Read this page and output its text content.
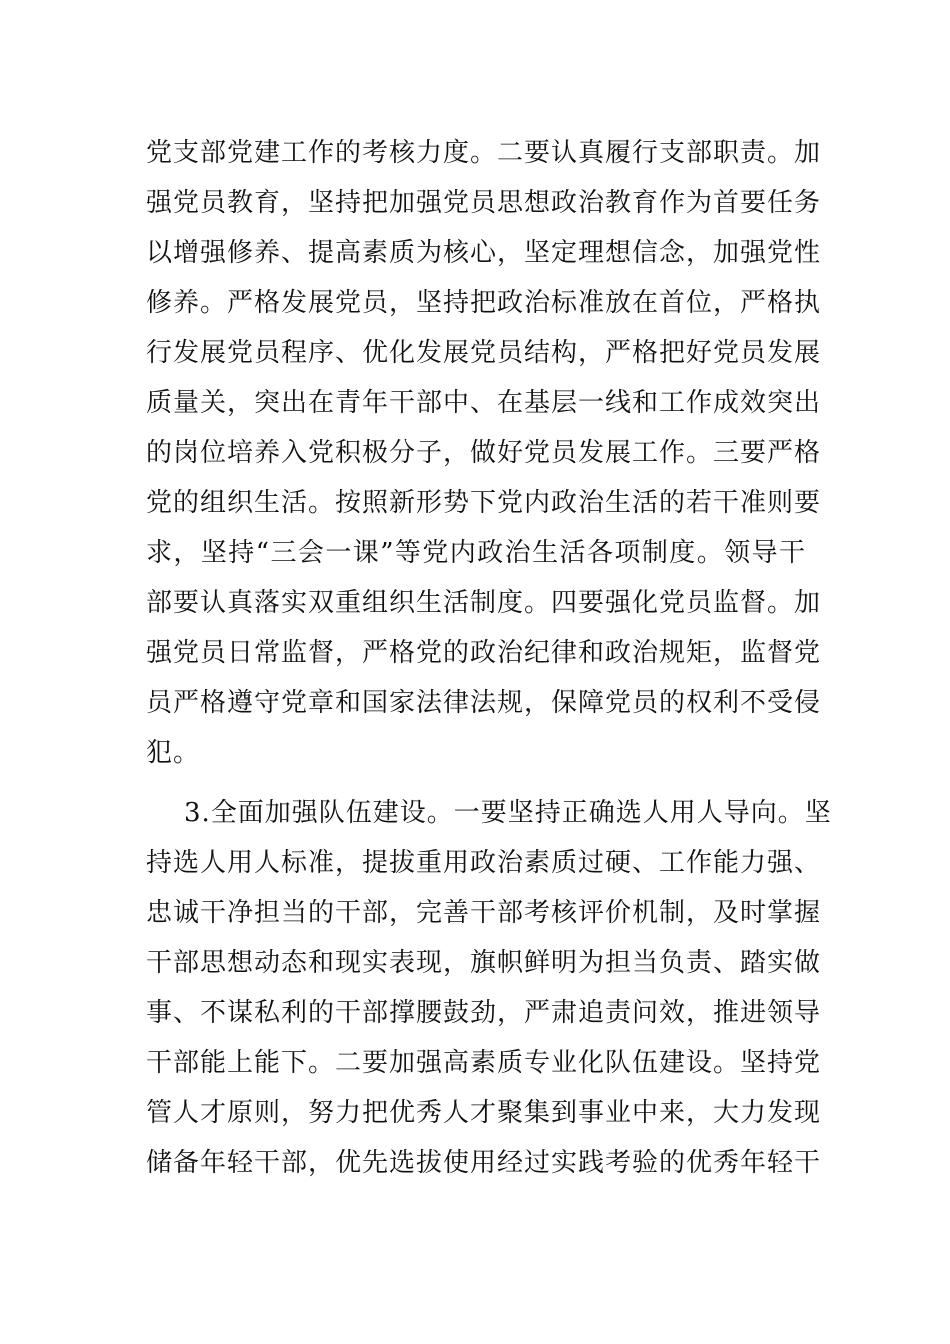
党支部党建工作的考核力度。二要认真履行支部职责。加
强党员教育，坚持把加强党员思想政治教育作为首要任务
以增强修养、提高素质为核心，坚定理想信念，加强党性
修养。严格发展党员，坚持把政治标准放在首位，严格执
行发展党员程序、优化发展党员结构，严格把好党员发展
质量关，突出在青年干部中、在基层一线和工作成效突出
的岗位培养入党积极分子，做好党员发展工作。三要严格
党的组织生活。按照新形势下党内政治生活的若干准则要
求，坚持“三会一课”等党内政治生活各项制度。领导干
部要认真落实双重组织生活制度。四要强化党员监督。加
强党员日常监督，严格党的政治纪律和政治规矩，监督党
员严格遵守党章和国家法律法规，保障党员的权利不受侵
犯。
3.全面加强队伍建设。一要坚持正确选人用人导向。坚
持选人用人标准，提拔重用政治素质过硬、工作能力强、
忠诚干净担当的干部，完善干部考核评价机制，及时掌握
干部思想动态和现实表现，旗帜鲜明为担当负责、踏实做
事、不谋私利的干部撑腰鼓劲，严肃追责问效，推进领导
干部能上能下。二要加强高素质专业化队伍建设。坚持党
管人才原则，努力把优秀人才聚集到事业中来，大力发现
储备年轻干部，优先选拔使用经过实践考验的优秀年轻干
